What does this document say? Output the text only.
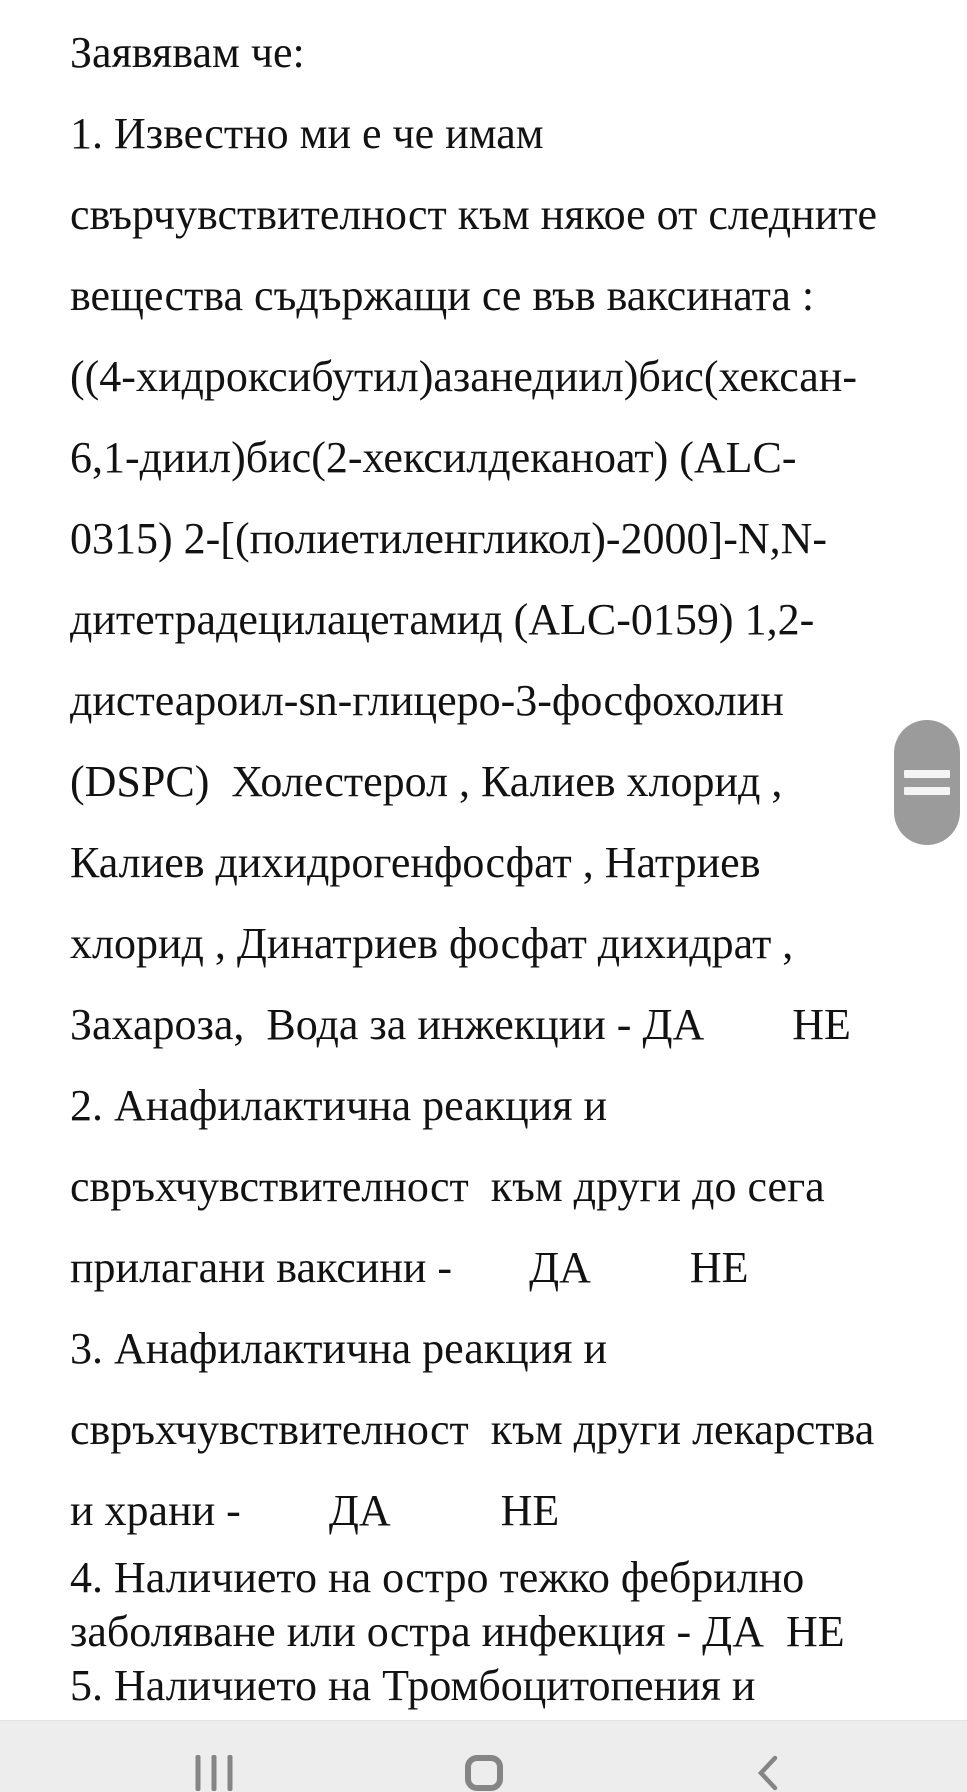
Заявявам че:
1. Известно ми е че имам
свърчувствителност към някое от следните
вещества съдържащи се във ваксината :
((4-хидроксибутил)азанедиил)бис(хексан-
6,1-диил)бис(2-хексилдеканоат) (ALC-
0315) 2-[(полиетиленгликол)-2000]-N,N-
дитетрадецилацетамид (ALC-0159) 1,2-
дистеароил-sn-глицеро-3-фосфохолин
(DSPC)  Холестерол , Калиев хлорид ,
Калиев дихидрогенфосфат , Натриев
хлорид , Динатриев фосфат дихидрат ,
Захароза,  Вода за инжекции - ДА        НЕ
2. Анафилактична реакция и
свръхчувствителност  към други до сега
прилагани ваксини -       ДА         НЕ
3. Анафилактична реакция и
свръхчувствителност  към други лекарства
и храни -        ДА          НЕ
4. Наличието на остро тежко фебрилно
заболяване или остра инфекция - ДА  НЕ
5. Наличието на Тромбоцитопения и
